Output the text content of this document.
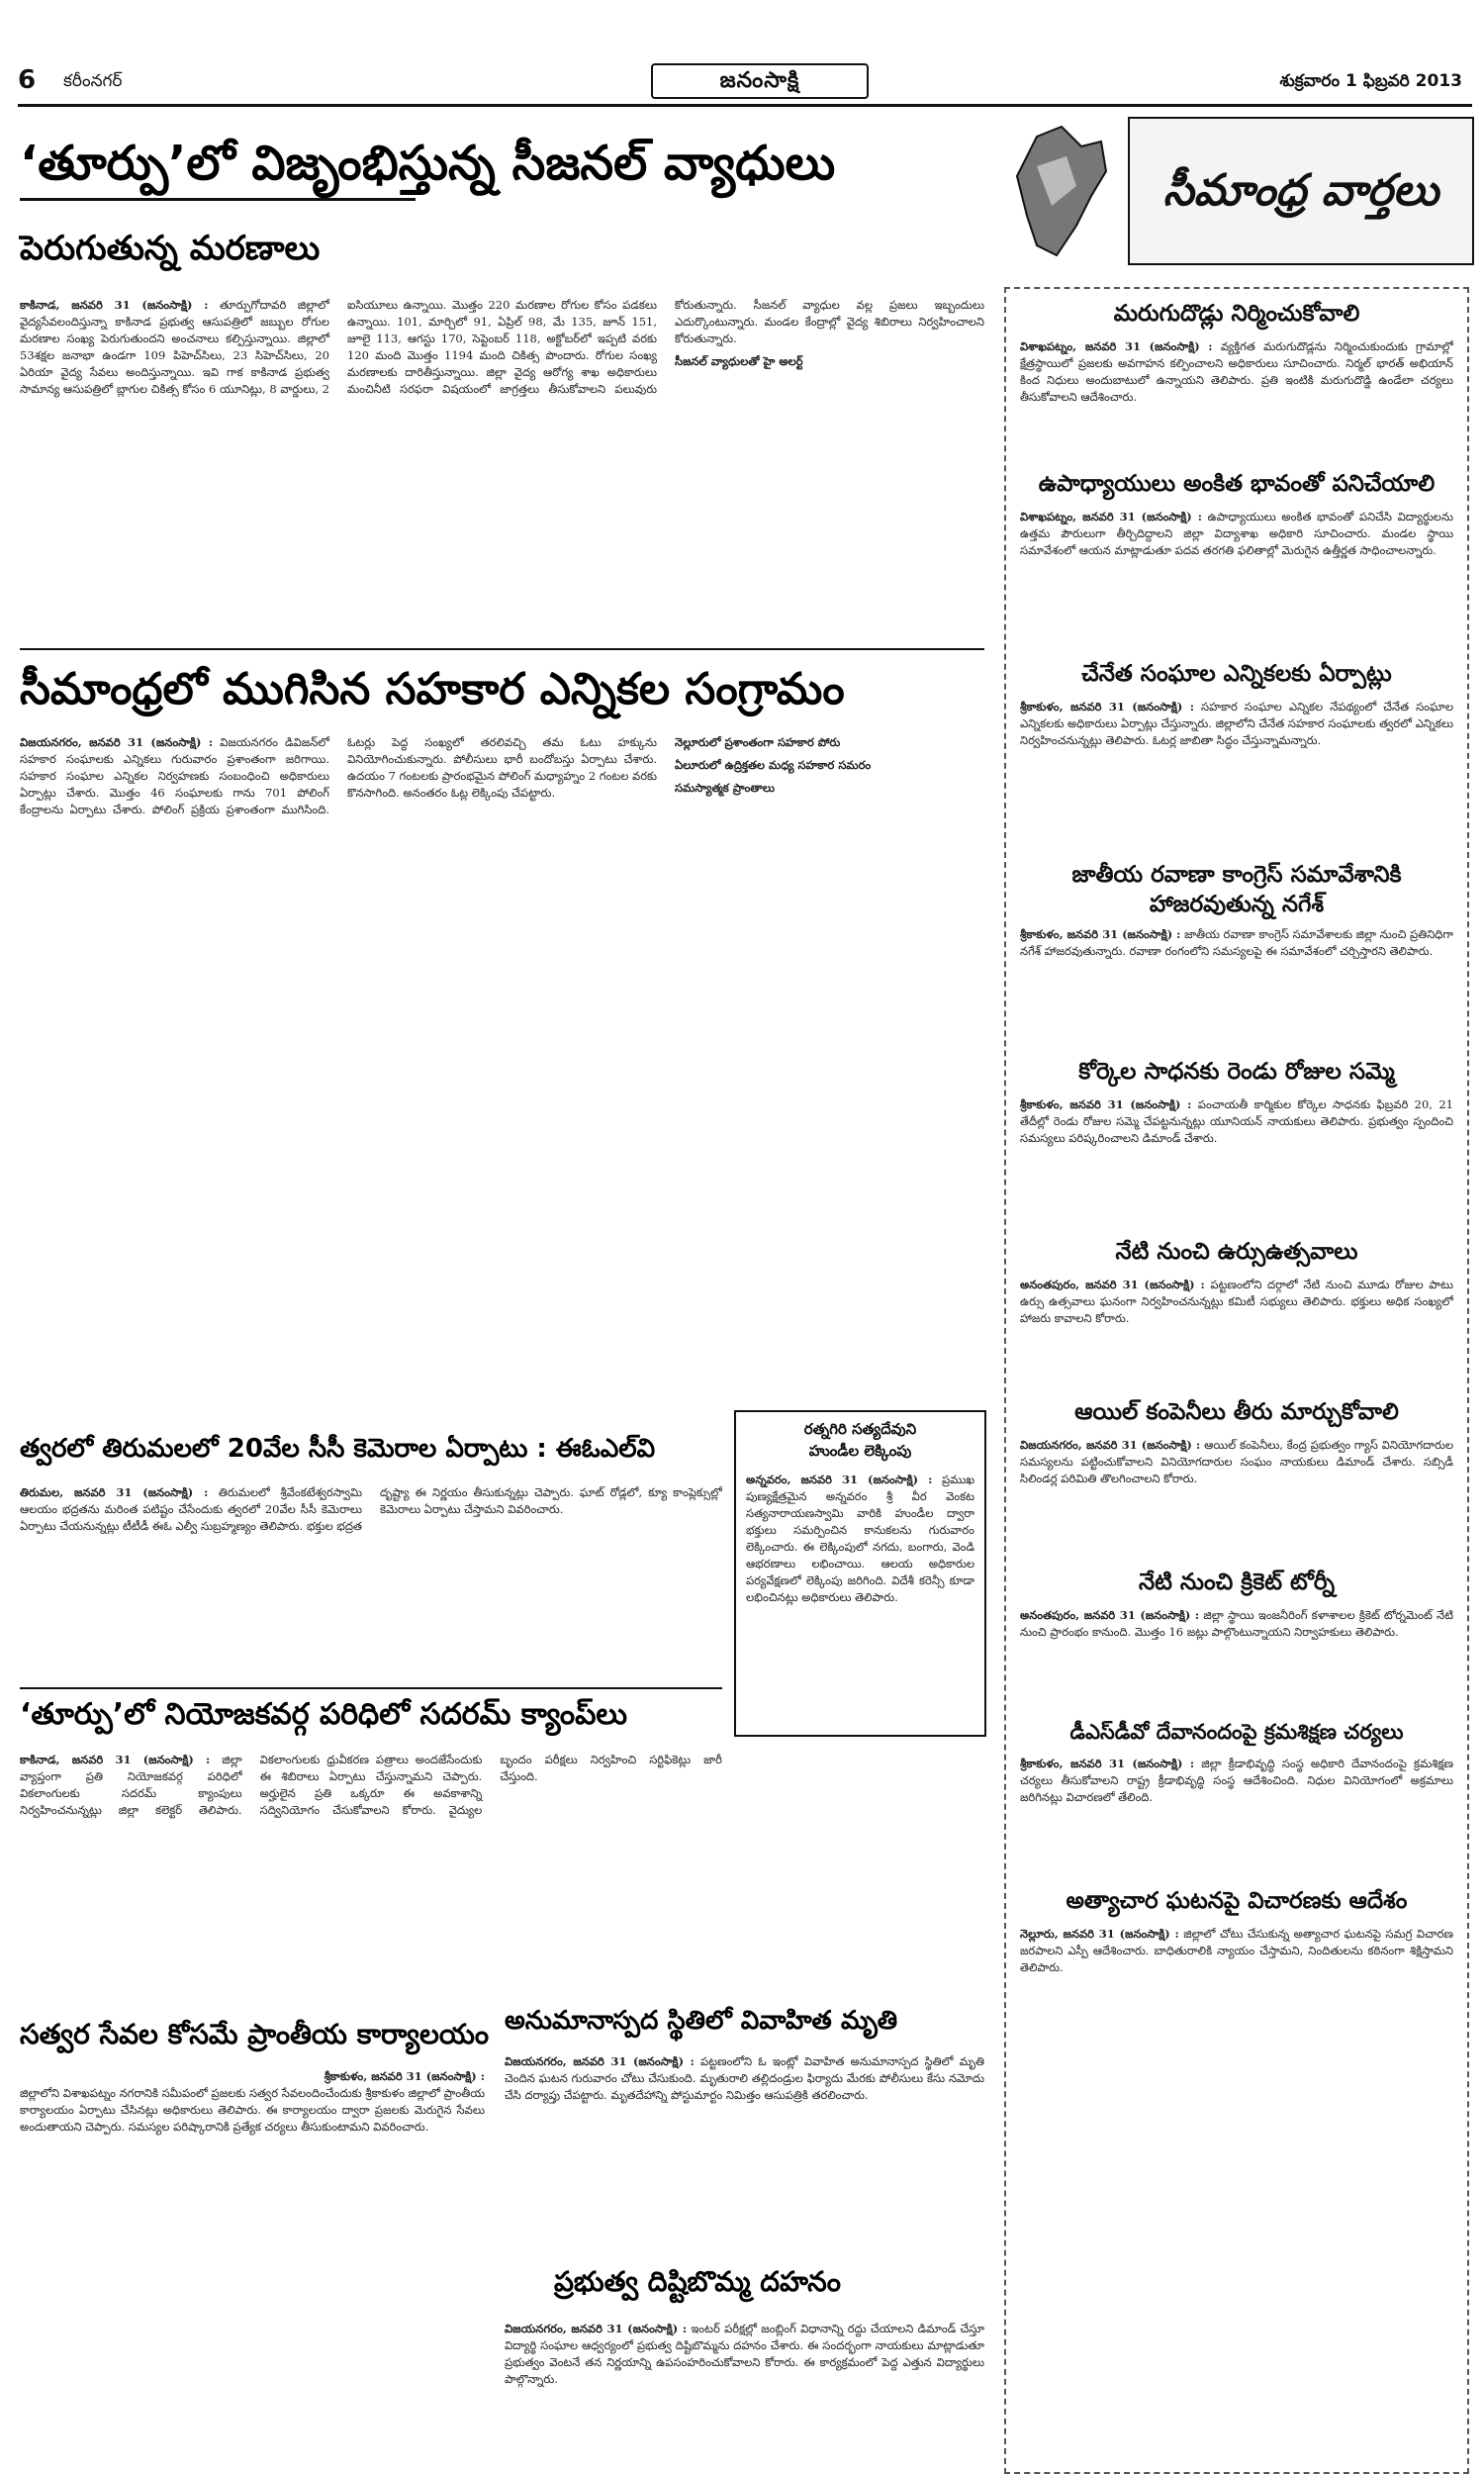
6 కరీంనగర్	జనంసాక్షి	శుక్రవారం 1 ఫిబ్రవరి 2013
‘తూర్పు’లో విజృంభిస్తున్న సీజనల్ వ్యాధులు
పెరుగుతున్న మరణాలు
కాకినాడ, జనవరి 31 (జనంసాక్షి) : తూర్పుగోదావరి జిల్లాలో వైద్యసేవలందిస్తున్నా కాకినాడ ప్రభుత్వ ఆసుపత్రిలో జబ్బుల రోగుల మరణాల సంఖ్య పెరుగుతుందని అంచనాలు కల్పిస్తున్నాయి. జిల్లాలో 53శక్షల జనాభా ఉండగా 109 పిహెచ్‌సిలు, 23 సిహెచ్‌సిలు, 20 ఏరియా వైద్య సేవలు అందిస్తున్నాయి. ఇవి గాక కాకినాడ ప్రభుత్వ సామాన్య ఆసుపత్రిలో బ్లాగుల చికిత్స కోసం 6 యూనిట్లు, 8 వార్డులు, 2 ఐసియూలు ఉన్నాయి. మొత్తం 220 మరణాల రోగుల కోసం పడకలు ఉన్నాయి. 101, మార్చిలో 91, ఏప్రిల్ 98, మే 135, జూన్ 151, జూలై 113, ఆగస్టు 170, సెప్టెంబర్ 118, అక్టోబర్‌లో ఇప్పటి వరకు 120 మంది మొత్తం 1194 మంది చికిత్స పొందారు. రోగుల సంఖ్య మరణాలకు దారితీస్తున్నాయి. జిల్లా వైద్య ఆరోగ్య శాఖ అధికారులు మంచినీటి సరఫరా విషయంలో జాగ్రత్తలు తీసుకోవాలని పలువురు కోరుతున్నారు. సీజనల్ వ్యాధుల వల్ల ప్రజలు ఇబ్బందులు ఎదుర్కొంటున్నారు. మండల కేంద్రాల్లో వైద్య శిబిరాలు నిర్వహించాలని కోరుతున్నారు.
సీజనల్ వ్యాధులతో హై అలర్ట్
సీమాంధ్రలో ముగిసిన సహకార ఎన్నికల సంగ్రామం
విజయనగరం, జనవరి 31 (జనంసాక్షి) : విజయనగరం డివిజన్‌లో సహకార సంఘాలకు ఎన్నికలు గురువారం ప్రశాంతంగా జరిగాయి. సహకార సంఘాల ఎన్నికల నిర్వహణకు సంబంధించి అధికారులు ఏర్పాట్లు చేశారు. మొత్తం 46 సంఘాలకు గాను 701 పోలింగ్ కేంద్రాలను ఏర్పాటు చేశారు. పోలింగ్ ప్రక్రియ ప్రశాంతంగా ముగిసింది. ఓటర్లు పెద్ద సంఖ్యలో తరలివచ్చి తమ ఓటు హక్కును వినియోగించుకున్నారు. పోలీసులు భారీ బందోబస్తు ఏర్పాటు చేశారు. ఉదయం 7 గంటలకు ప్రారంభమైన పోలింగ్ మధ్యాహ్నం 2 గంటల వరకు కొనసాగింది. అనంతరం ఓట్ల లెక్కింపు చేపట్టారు.
నెల్లూరులో ప్రశాంతంగా సహకార పోరు
ఏలూరులో ఉద్రిక్తతల మధ్య సహకార సమరం
సమస్యాత్మక ప్రాంతాలు
రత్నగిరి సత్యదేవుని
హుండీల లెక్కింపు
అన్నవరం, జనవరి 31 (జనంసాక్షి) : ప్రముఖ పుణ్యక్షేత్రమైన అన్నవరం శ్రీ వీర వెంకట సత్యనారాయణస్వామి వారికి హుండీల ద్వారా భక్తులు సమర్పించిన కానుకలను గురువారం లెక్కించారు. ఈ లెక్కింపులో నగదు, బంగారు, వెండి ఆభరణాలు లభించాయి. ఆలయ అధికారుల పర్యవేక్షణలో లెక్కింపు జరిగింది. విదేశీ కరెన్సీ కూడా లభించినట్లు అధికారులు తెలిపారు.
త్వరలో తిరుమలలో 20వేల సీసీ కెమెరాల ఏర్పాటు : ఈఓఎల్‌వి
తిరుమల, జనవరి 31 (జనంసాక్షి) : తిరుమలలో శ్రీవేంకటేశ్వరస్వామి ఆలయం భద్రతను మరింత పటిష్టం చేసేందుకు త్వరలో 20వేల సీసీ కెమెరాలు ఏర్పాటు చేయనున్నట్లు టీటీడీ ఈఓ ఎల్వీ సుబ్రహ్మణ్యం తెలిపారు. భక్తుల భద్రత దృష్ట్యా ఈ నిర్ణయం తీసుకున్నట్లు చెప్పారు. ఘాట్ రోడ్లలో, క్యూ కాంప్లెక్సుల్లో కెమెరాలు ఏర్పాటు చేస్తామని వివరించారు.
‘తూర్పు’లో నియోజకవర్గ పరిధిలో సదరమ్ క్యాంప్‌లు
కాకినాడ, జనవరి 31 (జనంసాక్షి) : జిల్లా వ్యాప్తంగా ప్రతి నియోజకవర్గ పరిధిలో వికలాంగులకు సదరమ్ క్యాంపులు నిర్వహించనున్నట్లు జిల్లా కలెక్టర్ తెలిపారు. వికలాంగులకు ధ్రువీకరణ పత్రాలు అందజేసేందుకు ఈ శిబిరాలు ఏర్పాటు చేస్తున్నామని చెప్పారు. అర్హులైన ప్రతి ఒక్కరూ ఈ అవకాశాన్ని సద్వినియోగం చేసుకోవాలని కోరారు. వైద్యుల బృందం పరీక్షలు నిర్వహించి సర్టిఫికెట్లు జారీ చేస్తుంది.
సత్వర సేవల కోసమే ప్రాంతీయ కార్యాలయం
శ్రీకాకుళం, జనవరి 31 (జనంసాక్షి) :
జిల్లాలోని విశాఖపట్నం నగరానికి సమీపంలో ప్రజలకు సత్వర సేవలందించేందుకు శ్రీకాకుళం జిల్లాలో ప్రాంతీయ కార్యాలయం ఏర్పాటు చేసినట్లు అధికారులు తెలిపారు. ఈ కార్యాలయం ద్వారా ప్రజలకు మెరుగైన సేవలు అందుతాయని చెప్పారు. సమస్యల పరిష్కారానికి ప్రత్యేక చర్యలు తీసుకుంటామని వివరించారు.
అనుమానాస్పద స్థితిలో వివాహిత మృతి
విజయనగరం, జనవరి 31 (జనంసాక్షి) : పట్టణంలోని ఓ ఇంట్లో వివాహిత అనుమానాస్పద స్థితిలో మృతి చెందిన ఘటన గురువారం చోటు చేసుకుంది. మృతురాలి తల్లిదండ్రుల ఫిర్యాదు మేరకు పోలీసులు కేసు నమోదు చేసి దర్యాప్తు చేపట్టారు. మృతదేహాన్ని పోస్టుమార్టం నిమిత్తం ఆసుపత్రికి తరలించారు.
ప్రభుత్వ దిష్టిబొమ్మ దహనం
విజయనగరం, జనవరి 31 (జనంసాక్షి) : ఇంటర్ పరీక్షల్లో జంబ్లింగ్ విధానాన్ని రద్దు చేయాలని డిమాండ్ చేస్తూ విద్యార్థి సంఘాల ఆధ్వర్యంలో ప్రభుత్వ దిష్టిబొమ్మను దహనం చేశారు. ఈ సందర్భంగా నాయకులు మాట్లాడుతూ ప్రభుత్వం వెంటనే తన నిర్ణయాన్ని ఉపసంహరించుకోవాలని కోరారు. ఈ కార్యక్రమంలో పెద్ద ఎత్తున విద్యార్థులు పాల్గొన్నారు.
సీమాంధ్ర వార్తలు
మరుగుదొడ్లు నిర్మించుకోవాలి
విశాఖపట్నం, జనవరి 31 (జనంసాక్షి) : వ్యక్తిగత మరుగుదొడ్లను నిర్మించుకుందుకు గ్రామాల్లో క్షేత్రస్థాయిలో ప్రజలకు అవగాహన కల్పించాలని అధికారులు సూచించారు. నిర్మల్ భారత్ అభియాన్ కింద నిధులు అందుబాటులో ఉన్నాయని తెలిపారు. ప్రతి ఇంటికి మరుగుదొడ్డి ఉండేలా చర్యలు తీసుకోవాలని ఆదేశించారు.
ఉపాధ్యాయులు అంకిత భావంతో పనిచేయాలి
విశాఖపట్నం, జనవరి 31 (జనంసాక్షి) : ఉపాధ్యాయులు అంకిత భావంతో పనిచేసి విద్యార్థులను ఉత్తమ పౌరులుగా తీర్చిదిద్దాలని జిల్లా విద్యాశాఖ అధికారి సూచించారు. మండల స్థాయి సమావేశంలో ఆయన మాట్లాడుతూ పదవ తరగతి ఫలితాల్లో మెరుగైన ఉత్తీర్ణత సాధించాలన్నారు.
చేనేత సంఘాల ఎన్నికలకు ఏర్పాట్లు
శ్రీకాకుళం, జనవరి 31 (జనంసాక్షి) : సహకార సంఘాల ఎన్నికల నేపథ్యంలో చేనేత సంఘాల ఎన్నికలకు అధికారులు ఏర్పాట్లు చేస్తున్నారు. జిల్లాలోని చేనేత సహకార సంఘాలకు త్వరలో ఎన్నికలు నిర్వహించనున్నట్లు తెలిపారు. ఓటర్ల జాబితా సిద్ధం చేస్తున్నామన్నారు.
జాతీయ రవాణా కాంగ్రెస్ సమావేశానికి హాజరవుతున్న నగేశ్
శ్రీకాకుళం, జనవరి 31 (జనంసాక్షి) : జాతీయ రవాణా కాంగ్రెస్ సమావేశాలకు జిల్లా నుంచి ప్రతినిధిగా నగేశ్ హాజరవుతున్నారు. రవాణా రంగంలోని సమస్యలపై ఈ సమావేశంలో చర్చిస్తారని తెలిపారు.
కోర్కెల సాధనకు రెండు రోజుల సమ్మె
శ్రీకాకుళం, జనవరి 31 (జనంసాక్షి) : పంచాయతీ కార్మికుల కోర్కెల సాధనకు ఫిబ్రవరి 20, 21 తేదీల్లో రెండు రోజుల సమ్మె చేపట్టనున్నట్లు యూనియన్ నాయకులు తెలిపారు. ప్రభుత్వం స్పందించి సమస్యలు పరిష్కరించాలని డిమాండ్ చేశారు.
నేటి నుంచి ఉర్సుఉత్సవాలు
అనంతపురం, జనవరి 31 (జనంసాక్షి) : పట్టణంలోని దర్గాలో నేటి నుంచి మూడు రోజుల పాటు ఉర్సు ఉత్సవాలు ఘనంగా నిర్వహించనున్నట్లు కమిటీ సభ్యులు తెలిపారు. భక్తులు అధిక సంఖ్యలో హాజరు కావాలని కోరారు.
ఆయిల్ కంపెనీలు తీరు మార్చుకోవాలి
విజయనగరం, జనవరి 31 (జనంసాక్షి) : ఆయిల్ కంపెనీలు, కేంద్ర ప్రభుత్వం గ్యాస్ వినియోగదారుల సమస్యలను పట్టించుకోవాలని వినియోగదారుల సంఘం నాయకులు డిమాండ్ చేశారు. సబ్సిడీ సిలిండర్ల పరిమితి తొలగించాలని కోరారు.
నేటి నుంచి క్రికెట్ టోర్నీ
అనంతపురం, జనవరి 31 (జనంసాక్షి) : జిల్లా స్థాయి ఇంజనీరింగ్ కళాశాలల క్రికెట్ టోర్నమెంట్ నేటి నుంచి ప్రారంభం కానుంది. మొత్తం 16 జట్లు పాల్గొంటున్నాయని నిర్వాహకులు తెలిపారు.
డీఎస్‌డీవో దేవానందంపై క్రమశిక్షణ చర్యలు
శ్రీకాకుళం, జనవరి 31 (జనంసాక్షి) : జిల్లా క్రీడాభివృద్ధి సంస్థ అధికారి దేవానందంపై క్రమశిక్షణ చర్యలు తీసుకోవాలని రాష్ట్ర క్రీడాభివృద్ధి సంస్థ ఆదేశించింది. నిధుల వినియోగంలో అక్రమాలు జరిగినట్లు విచారణలో తేలింది.
అత్యాచార ఘటనపై విచారణకు ఆదేశం
నెల్లూరు, జనవరి 31 (జనంసాక్షి) : జిల్లాలో చోటు చేసుకున్న అత్యాచార ఘటనపై సమగ్ర విచారణ జరపాలని ఎస్పీ ఆదేశించారు. బాధితురాలికి న్యాయం చేస్తామని, నిందితులను కఠినంగా శిక్షిస్తామని తెలిపారు.
